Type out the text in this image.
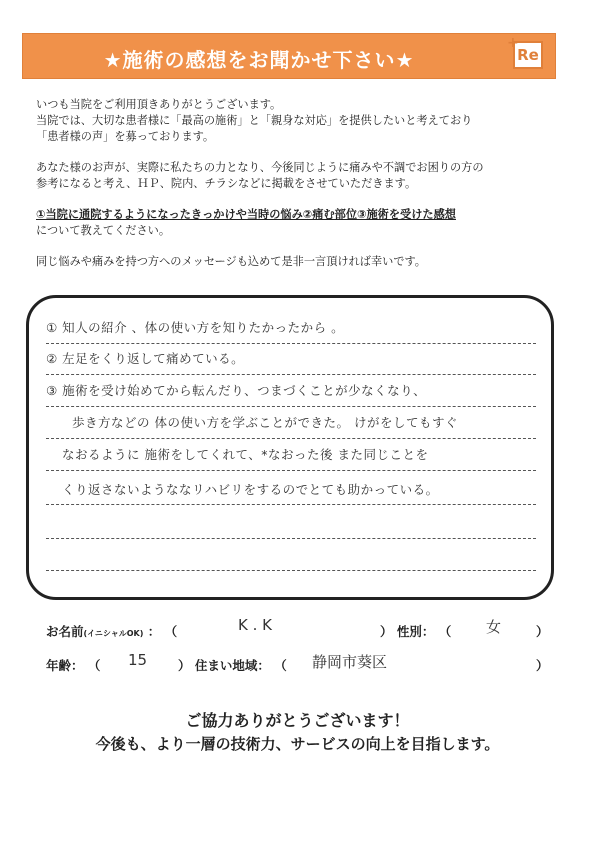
★施術の感想をお聞かせ下さい★
+
Re

いつも当院をご利用頂きありがとうございます。

当院では、大切な患者様に「最高の施術」と「親身な対応」を提供したいと考えており

「患者様の声」を募っております。

あなた様のお声が、実際に私たちの力となり、今後同じように痛みや不調でお困りの方の

参考になると考え、ＨＰ、院内、チラシなどに掲載をさせていただきます。

①当院に通院するようになったきっかけや当時の悩み②痛む部位③施術を受けた感想

について教えてください。

同じ悩みや痛みを持つ方へのメッセージも込めて是非一言頂ければ幸いです。

① 知人の紹介 、体の使い方を知りたかったから 。
② 左足をくり返して痛めている。
③ 施術を受け始めてから転んだり、つまづくことが少なくなり、
歩き方などの 体の使い方を学ぶことができた。 けがをしてもすぐ
なおるように 施術をしてくれて、*なおった後 また同じことを
くり返さないようななリハビリをするのでとても助かっている。
お名前(イニシャルOK) ： （	K . K	） 性別： （ 女	）
年齢： （ 15 ） 住まい地域： （ 静岡市葵区	）
ご協力ありがとうございます！
今後も、より一層の技術力、サービスの向上を目指します。
